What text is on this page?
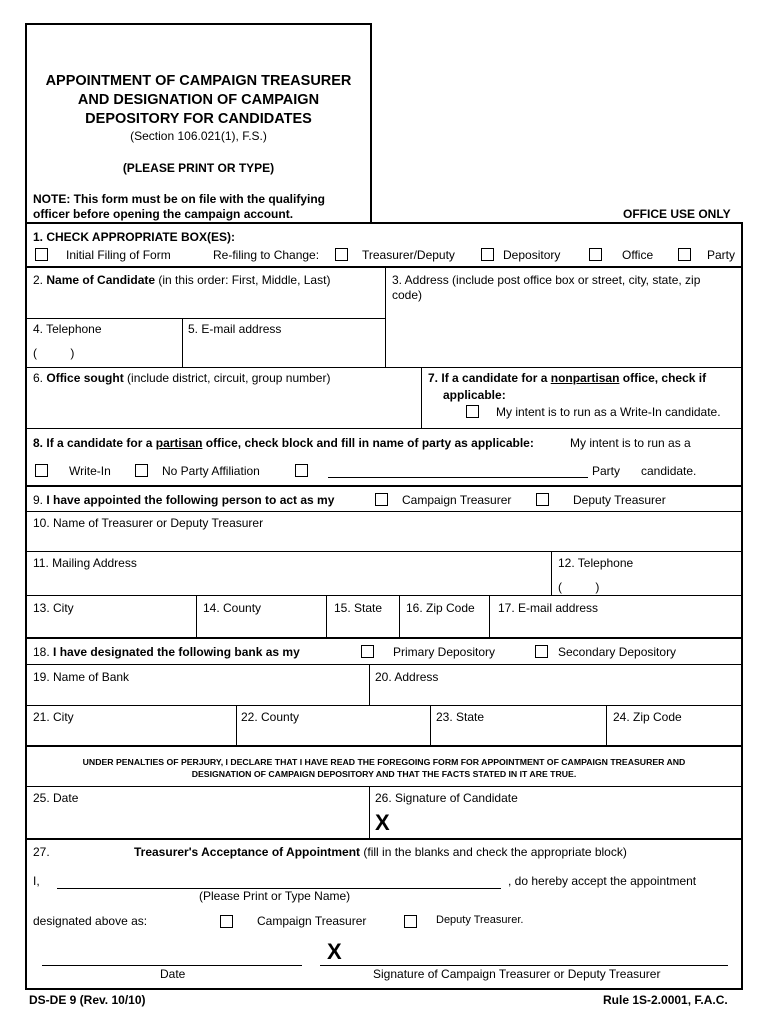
APPOINTMENT OF CAMPAIGN TREASURER
AND DESIGNATION OF CAMPAIGN
DEPOSITORY FOR CANDIDATES
(Section 106.021(1), F.S.)
(PLEASE PRINT OR TYPE)
NOTE: This form must be on file with the qualifying
officer before opening the campaign account.	OFFICE USE ONLY
1. CHECK APPROPRIATE BOX(ES):
Initial Filing of Form	Re-filing to Change:	Treasurer/Deputy	Depository	Office	Party
2. Name of Candidate (in this order: First, Middle, Last)	3. Address (include post office box or street, city, state, zip
code)
4. Telephone
(          )
5. E-mail address
6. Office sought (include district, circuit, group number)	7. If a candidate for a nonpartisan office, check if
applicable:
My intent is to run as a Write-In candidate.
8. If a candidate for a partisan office, check block and fill in name of party as applicable:	My intent is to run as a
Write-In	No Party Affiliation	Party candidate.
9. I have appointed the following person to act as my	Campaign Treasurer	Deputy Treasurer
10. Name of Treasurer or Deputy Treasurer
11. Mailing Address	12. Telephone
(          )
13. City	14. County	15. State 16. Zip Code 17. E-mail address
18. I have designated the following bank as my	Primary Depository	Secondary Depository
19. Name of Bank	20. Address
21. City	22. County	23. State	24. Zip Code
UNDER PENALTIES OF PERJURY, I DECLARE THAT I HAVE READ THE FOREGOING FORM FOR APPOINTMENT OF CAMPAIGN TREASURER AND
DESIGNATION OF CAMPAIGN DEPOSITORY AND THAT THE FACTS STATED IN IT ARE TRUE.
25. Date	26. Signature of Candidate
X
27.	Treasurer's Acceptance of Appointment (fill in the blanks and check the appropriate block)
I,	, do hereby accept the appointment
(Please Print or Type Name)
designated above as:	Campaign Treasurer	Deputy Treasurer.
X
Date	Signature of Campaign Treasurer or Deputy Treasurer
DS-DE 9 (Rev. 10/10)	Rule 1S-2.0001, F.A.C.
